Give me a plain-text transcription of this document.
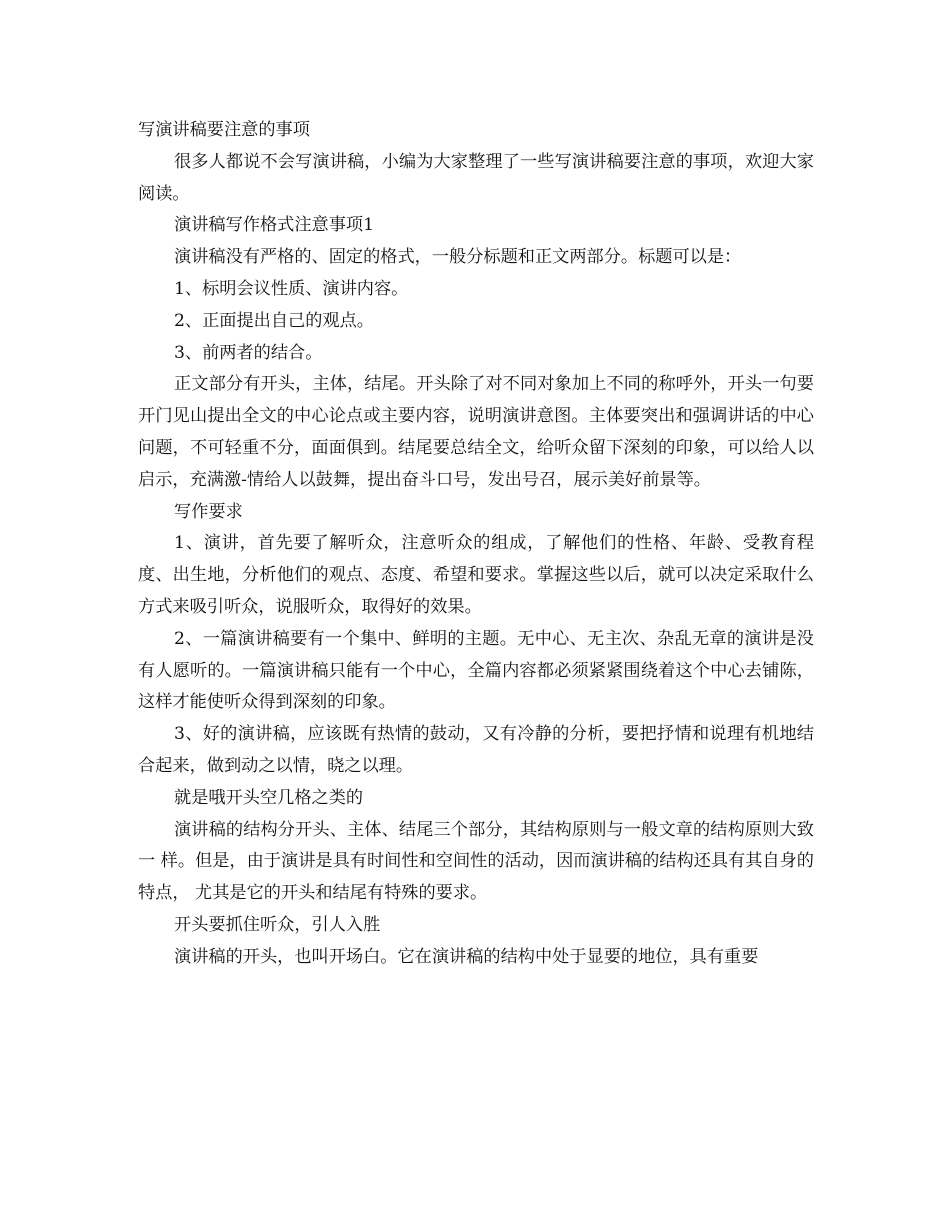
写演讲稿要注意的事项

很多人都说不会写演讲稿，小编为大家整理了一些写演讲稿要注意的事项，欢迎大家阅读。

演讲稿写作格式注意事项1

演讲稿没有严格的、固定的格式，一般分标题和正文两部分。标题可以是：

1、标明会议性质、演讲内容。

2、正面提出自己的观点。

3、前两者的结合。

正文部分有开头，主体，结尾。开头除了对不同对象加上不同的称呼外，开头一句要开门见山提出全文的中心论点或主要内容，说明演讲意图。主体要突出和强调讲话的中心问题，不可轻重不分，面面俱到。结尾要总结全文，给听众留下深刻的印象，可以给人以启示，充满激-情给人以鼓舞，提出奋斗口号，发出号召，展示美好前景等。

写作要求

1、演讲，首先要了解听众，注意听众的组成，了解他们的性格、年龄、受教育程度、出生地，分析他们的观点、态度、希望和要求。掌握这些以后，就可以决定采取什么方式来吸引听众，说服听众，取得好的效果。

2、一篇演讲稿要有一个集中、鲜明的主题。无中心、无主次、杂乱无章的演讲是没有人愿听的。一篇演讲稿只能有一个中心，全篇内容都必须紧紧围绕着这个中心去铺陈，这样才能使听众得到深刻的印象。

3、好的演讲稿，应该既有热情的鼓动，又有冷静的分析，要把抒情和说理有机地结合起来，做到动之以情，晓之以理。

就是哦开头空几格之类的

演讲稿的结构分开头、主体、结尾三个部分，其结构原则与一般文章的结构原则大致一 样。但是，由于演讲是具有时间性和空间性的活动，因而演讲稿的结构还具有其自身的特点， 尤其是它的开头和结尾有特殊的要求。

开头要抓住听众，引人入胜

演讲稿的开头，也叫开场白。它在演讲稿的结构中处于显要的地位，具有重要
